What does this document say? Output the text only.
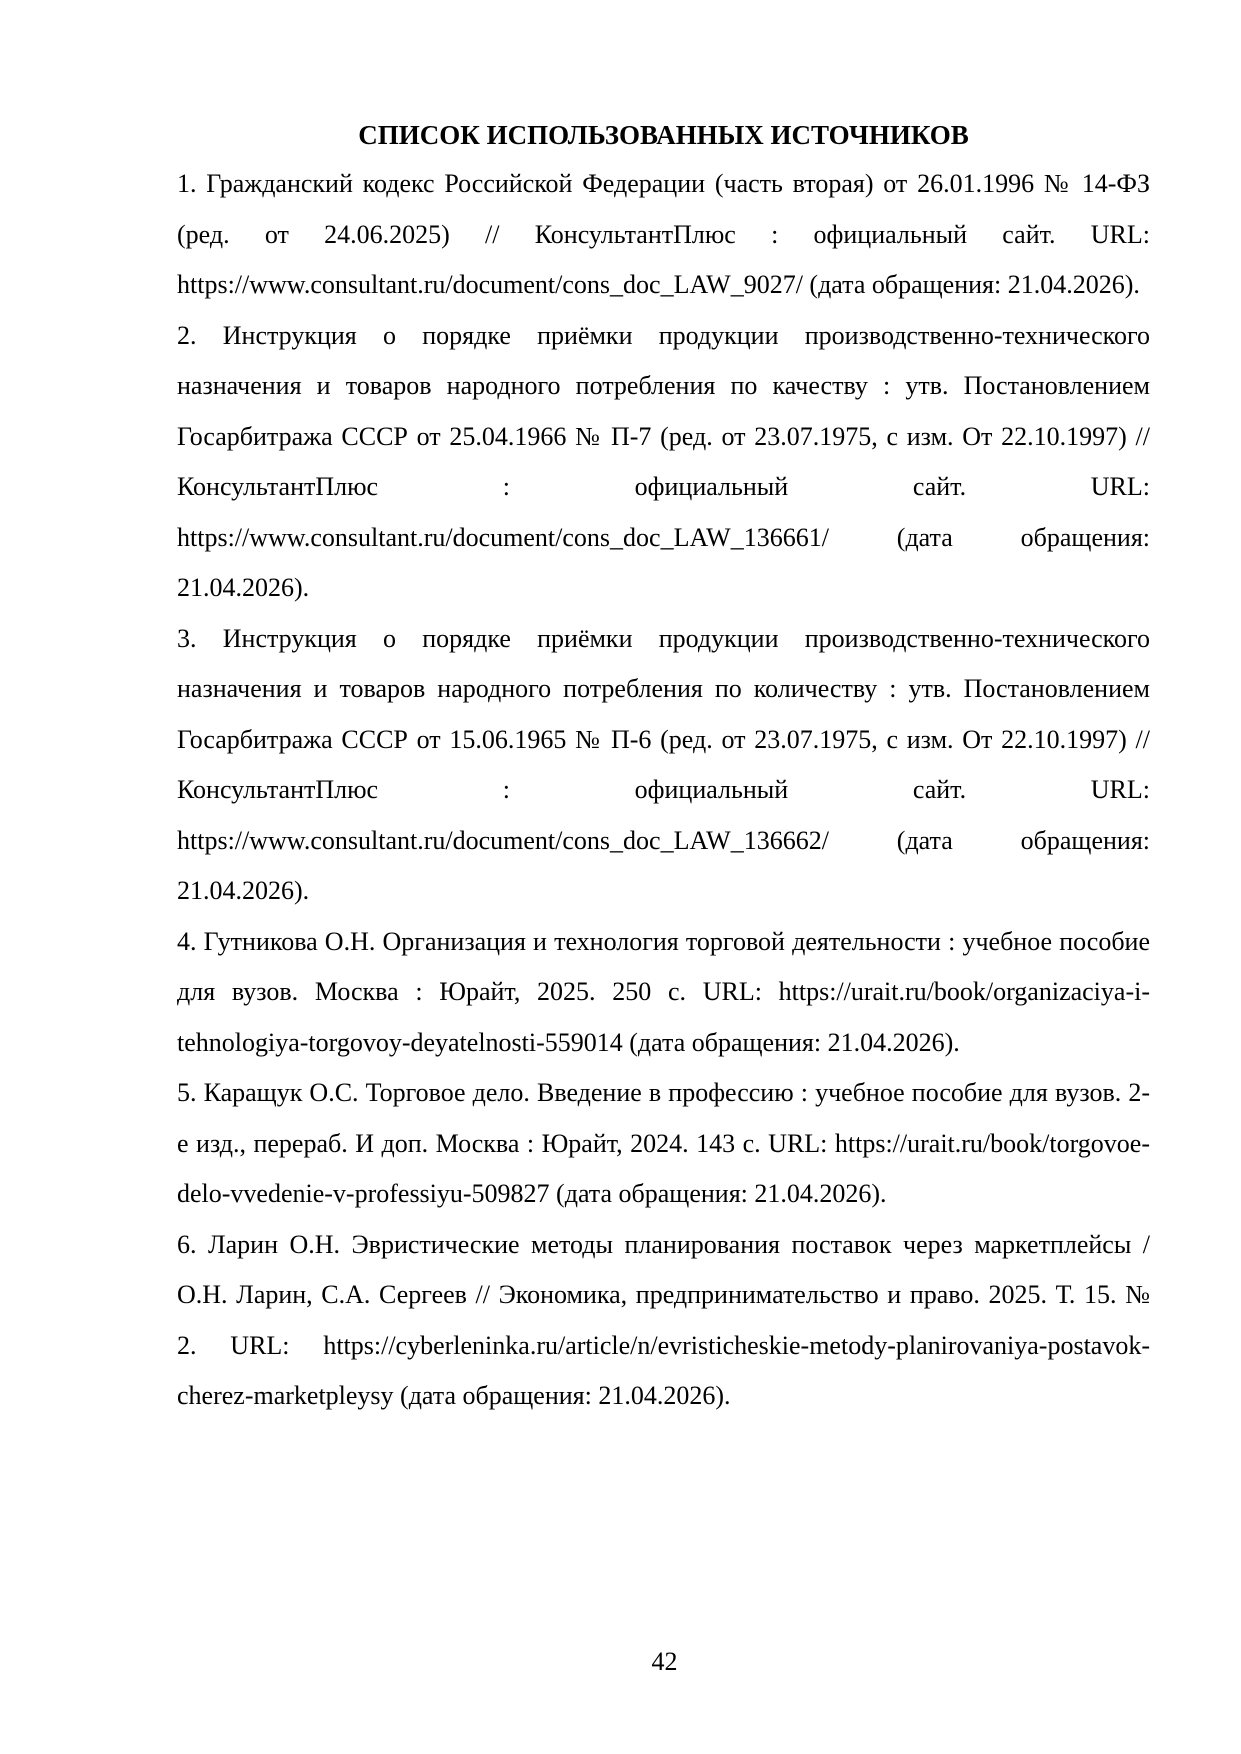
СПИСОК ИСПОЛЬЗОВАННЫХ ИСТОЧНИКОВ
1. Гражданский кодекс Российской Федерации (часть вторая) от 26.01.1996 № 14-ФЗ (ред. от 24.06.2025) // КонсультантПлюс : официальный сайт. URL: https://www.consultant.ru/document/cons_doc_LAW_9027/ (дата обращения: 21.04.2026).
2. Инструкция о порядке приёмки продукции производственно-технического назначения и товаров народного потребления по качеству : утв. Постановлением Госарбитража СССР от 25.04.1966 № П-7 (ред. от 23.07.1975, с изм. От 22.10.1997) // КонсультантПлюс : официальный сайт. URL: https://www.consultant.ru/document/cons_doc_LAW_136661/ (дата обращения: 21.04.2026).
3. Инструкция о порядке приёмки продукции производственно-технического назначения и товаров народного потребления по количеству : утв. Постановлением Госарбитража СССР от 15.06.1965 № П-6 (ред. от 23.07.1975, с изм. От 22.10.1997) // КонсультантПлюс : официальный сайт. URL: https://www.consultant.ru/document/cons_doc_LAW_136662/ (дата обращения: 21.04.2026).
4. Гутникова О.Н. Организация и технология торговой деятельности : учебное пособие для вузов. Москва : Юрайт, 2025. 250 с. URL: https://urait.ru/book/organizaciya-i-tehnologiya-torgovoy-deyatelnosti-559014 (дата обращения: 21.04.2026).
5. Каращук О.С. Торговое дело. Введение в профессию : учебное пособие для вузов. 2-е изд., перераб. И доп. Москва : Юрайт, 2024. 143 с. URL: https://urait.ru/book/torgovoe-delo-vvedenie-v-professiyu-509827 (дата обращения: 21.04.2026).
6. Ларин О.Н. Эвристические методы планирования поставок через маркетплейсы / О.Н. Ларин, С.А. Сергеев // Экономика, предпринимательство и право. 2025. Т. 15. № 2. URL: https://cyberleninka.ru/article/n/evristicheskie-metody-planirovaniya-postavok-cherez-marketpleysy (дата обращения: 21.04.2026).
42
